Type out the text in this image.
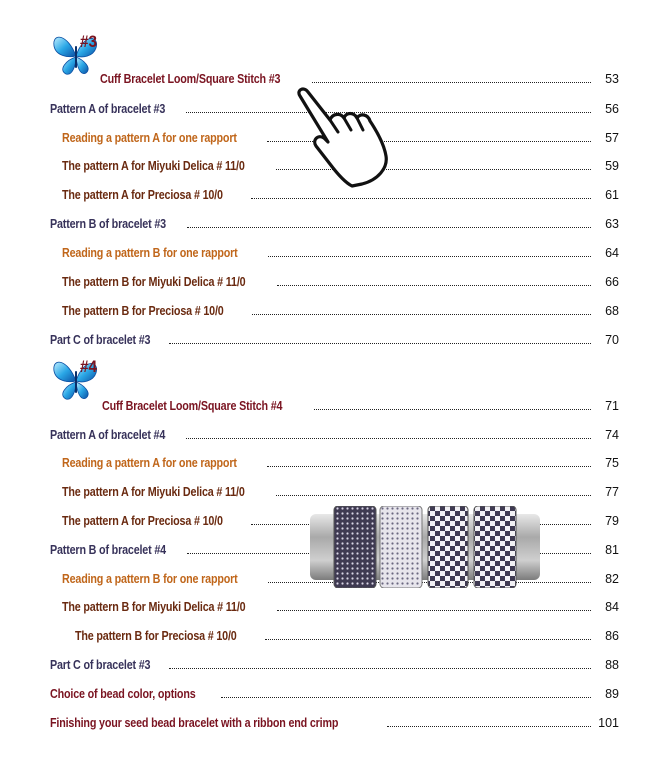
#3
#4
Cuff Bracelet Loom/Square Stitch #3	53
Pattern A of bracelet #3	56
Reading a pattern A for one rapport	57
The pattern A for Miyuki Delica # 11/0	59
The pattern A for Preciosa # 10/0	61
Pattern B of bracelet #3	63
Reading a pattern B for one rapport	64
The pattern B for Miyuki Delica # 11/0	66
The pattern B for Preciosa # 10/0	68
Part C of bracelet #3	70
Cuff Bracelet Loom/Square Stitch #4	71
Pattern A of bracelet #4	74
Reading a pattern A for one rapport	75
The pattern A for Miyuki Delica # 11/0	77
The pattern A for Preciosa # 10/0	79
Pattern B of bracelet #4	81
Reading a pattern B for one rapport	82
The pattern B for Miyuki Delica # 11/0	84
The pattern B for Preciosa # 10/0	86
Part C of bracelet #3	88
Choice of bead color, options	89
Finishing your seed bead bracelet with a ribbon end crimp	101
